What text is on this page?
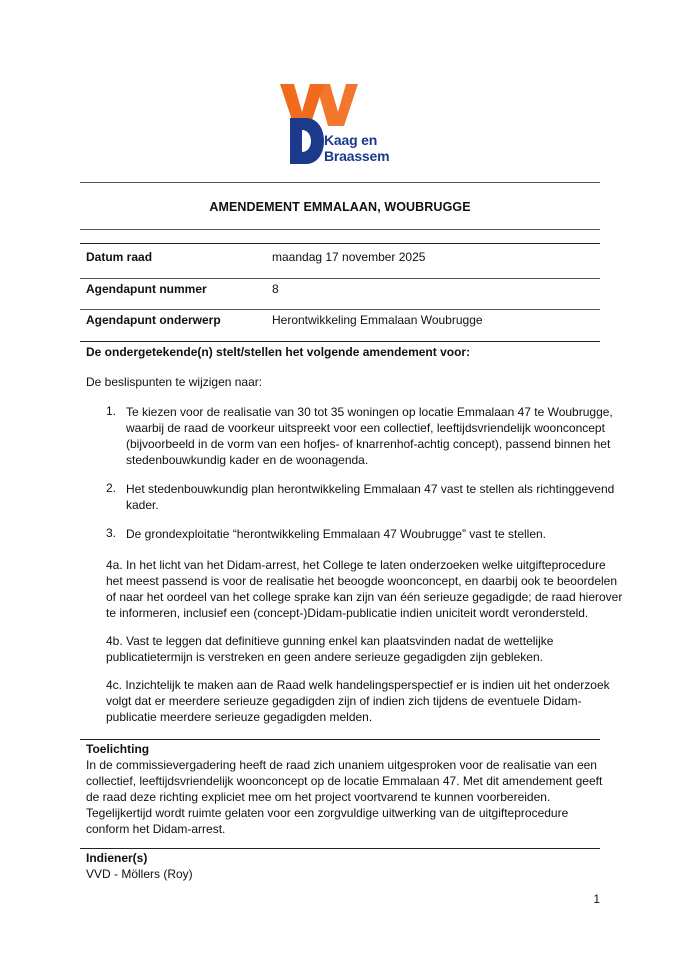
Kaag en
Braassem
AMENDEMENT EMMALAAN, WOUBRUGGE
Datum raad	maandag 17 november 2025
Agendapunt nummer	8
Agendapunt onderwerp	Herontwikkeling Emmalaan Woubrugge
De ondergetekende(n) stelt/stellen het volgende amendement voor:
De beslispunten te wijzigen naar:
1. Te kiezen voor de realisatie van 30 tot 35 woningen op locatie Emmalaan 47 te Woubrugge,
waarbij de raad de voorkeur uitspreekt voor een collectief, leeftijdsvriendelijk woonconcept
(bijvoorbeeld in de vorm van een hofjes- of knarrenhof-achtig concept), passend binnen het
stedenbouwkundig kader en de woonagenda.
2. Het stedenbouwkundig plan herontwikkeling Emmalaan 47 vast te stellen als richtinggevend
kader.
3. De grondexploitatie “herontwikkeling Emmalaan 47 Woubrugge” vast te stellen.
4a. In het licht van het Didam-arrest, het College te laten onderzoeken welke uitgifteprocedure
het meest passend is voor de realisatie het beoogde woonconcept, en daarbij ook te beoordelen
of naar het oordeel van het college sprake kan zijn van één serieuze gegadigde; de raad hierover
te informeren, inclusief een (concept-)Didam-publicatie indien uniciteit wordt verondersteld.
4b. Vast te leggen dat definitieve gunning enkel kan plaatsvinden nadat de wettelijke
publicatietermijn is verstreken en geen andere serieuze gegadigden zijn gebleken.
4c. Inzichtelijk te maken aan de Raad welk handelingsperspectief er is indien uit het onderzoek
volgt dat er meerdere serieuze gegadigden zijn of indien zich tijdens de eventuele Didam-
publicatie meerdere serieuze gegadigden melden.
Toelichting
In de commissievergadering heeft de raad zich unaniem uitgesproken voor de realisatie van een
collectief, leeftijdsvriendelijk woonconcept op de locatie Emmalaan 47. Met dit amendement geeft
de raad deze richting expliciet mee om het project voortvarend te kunnen voorbereiden.
Tegelijkertijd wordt ruimte gelaten voor een zorgvuldige uitwerking van de uitgifteprocedure
conform het Didam-arrest.
Indiener(s)
VVD - Möllers (Roy)
1
